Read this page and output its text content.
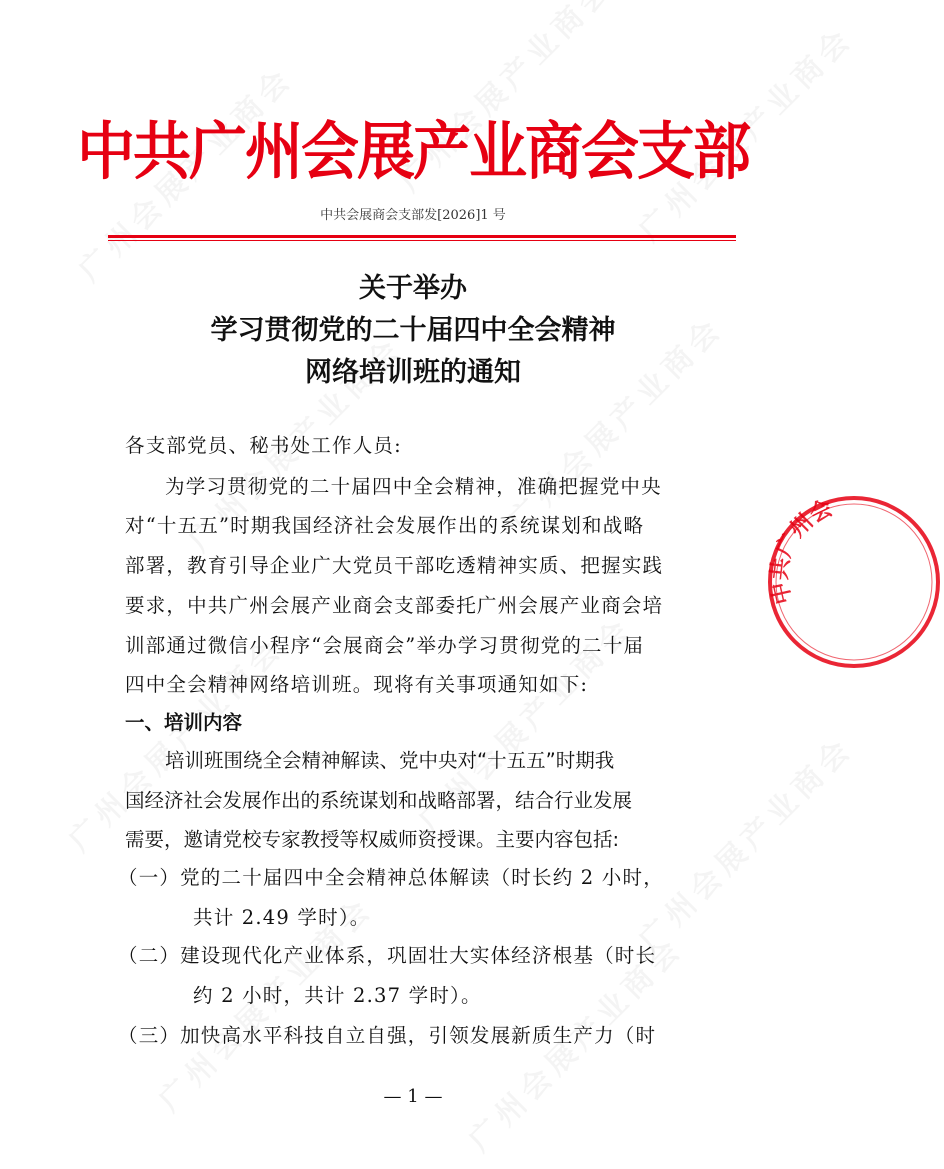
中共广州会展产业商会支部
中共会展商会支部发[2026]1 号
关于举办
学习贯彻党的二十届四中全会精神
网络培训班的通知
各支部党员、秘书处工作人员:
为学习贯彻党的二十届四中全会精神，准确把握党中央
对“十五五”时期我国经济社会发展作出的系统谋划和战略
部署，教育引导企业广大党员干部吃透精神实质、把握实践
要求，中共广州会展产业商会支部委托广州会展产业商会培
训部通过微信小程序“会展商会”举办学习贯彻党的二十届
四中全会精神网络培训班。现将有关事项通知如下:
一、培训内容
培训班围绕全会精神解读、党中央对“十五五”时期我
国经济社会发展作出的系统谋划和战略部署，结合行业发展
需要，邀请党校专家教授等权威师资授课。主要内容包括:
（一）党的二十届四中全会精神总体解读（时长约 2 小时，
共计 2.49 学时）。
（二）建设现代化产业体系，巩固壮大实体经济根基（时长
约 2 小时，共计 2.37 学时）。
（三）加快高水平科技自立自强，引领发展新质生产力（时
— 1 —
中共广州会
